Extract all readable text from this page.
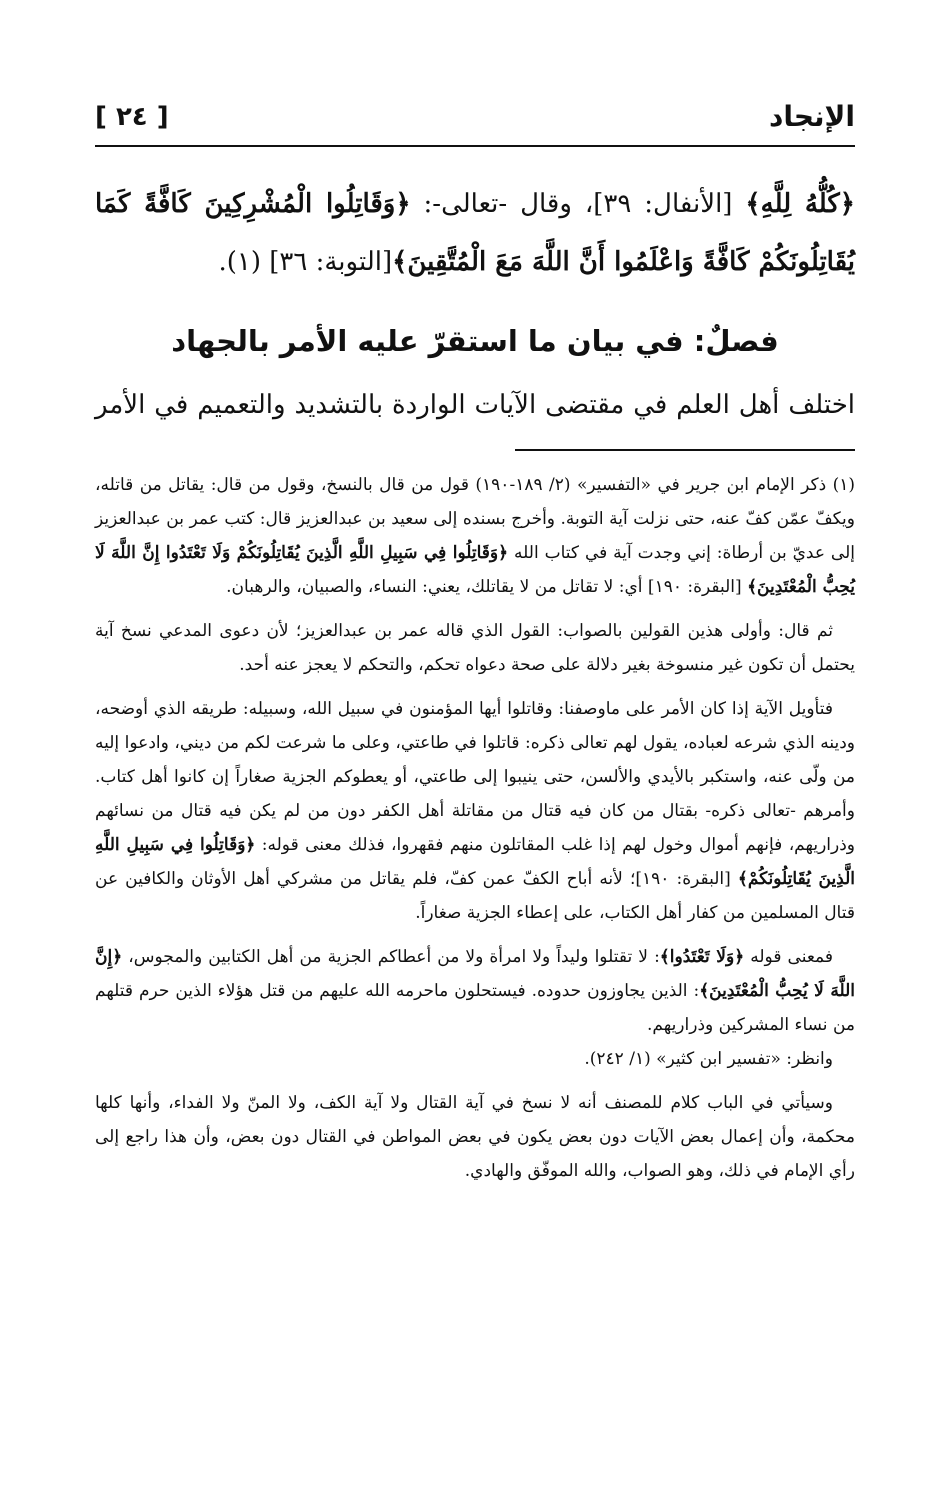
الإنجاد
[ ٢٤ ]

﴿كُلُّهُ لِلَّهِ﴾ [الأنفال: ٣٩]، وقال -تعالى-: ﴿وَقَاتِلُوا الْمُشْرِكِينَ كَافَّةً كَمَا يُقَاتِلُونَكُمْ كَافَّةً وَاعْلَمُوا أَنَّ اللَّهَ مَعَ الْمُتَّقِينَ﴾[التوبة: ٣٦] (١).

فصلٌ: في بيان ما استقرّ عليه الأمر بالجهاد

اختلف أهل العلم في مقتضى الآيات الواردة بالتشديد والتعميم في الأمر

(١) ذكر الإمام ابن جرير في «التفسير» (٢/ ١٨٩-١٩٠) قول من قال بالنسخ، وقول من قال: يقاتل من قاتله، ويكفّ عمّن كفّ عنه، حتى نزلت آية التوبة. وأخرج بسنده إلى سعيد بن عبدالعزيز قال: كتب عمر بن عبدالعزيز إلى عديّ بن أرطاة: إني وجدت آية في كتاب الله ﴿وَقَاتِلُوا فِي سَبِيلِ اللَّهِ الَّذِينَ يُقَاتِلُونَكُمْ وَلَا تَعْتَدُوا إِنَّ اللَّهَ لَا يُحِبُّ الْمُعْتَدِينَ﴾ [البقرة: ١٩٠] أي: لا تقاتل من لا يقاتلك، يعني: النساء، والصبيان، والرهبان.

ثم قال: وأولى هذين القولين بالصواب: القول الذي قاله عمر بن عبدالعزيز؛ لأن دعوى المدعي نسخ آية يحتمل أن تكون غير منسوخة بغير دلالة على صحة دعواه تحكم، والتحكم لا يعجز عنه أحد.

فتأويل الآية إذا كان الأمر على ماوصفنا: وقاتلوا أيها المؤمنون في سبيل الله، وسبيله: طريقه الذي أوضحه، ودينه الذي شرعه لعباده، يقول لهم تعالى ذكره: قاتلوا في طاعتي، وعلى ما شرعت لكم من ديني، وادعوا إليه من ولّى عنه، واستكبر بالأيدي والألسن، حتى ينيبوا إلى طاعتي، أو يعطوكم الجزية صغاراً إن كانوا أهل كتاب. وأمرهم -تعالى ذكره- بقتال من كان فيه قتال من مقاتلة أهل الكفر دون من لم يكن فيه قتال من نسائهم وذراريهم، فإنهم أموال وخول لهم إذا غلب المقاتلون منهم فقهروا، فذلك معنى قوله: ﴿وَقَاتِلُوا فِي سَبِيلِ اللَّهِ الَّذِينَ يُقَاتِلُونَكُمْ﴾ [البقرة: ١٩٠]؛ لأنه أباح الكفّ عمن كفّ، فلم يقاتل من مشركي أهل الأوثان والكافين عن قتال المسلمين من كفار أهل الكتاب، على إعطاء الجزية صغاراً.

فمعنى قوله ﴿وَلَا تَعْتَدُوا﴾: لا تقتلوا وليداً ولا امرأة ولا من أعطاكم الجزية من أهل الكتابين والمجوس، ﴿إِنَّ اللَّهَ لَا يُحِبُّ الْمُعْتَدِينَ﴾: الذين يجاوزون حدوده. فيستحلون ماحرمه الله عليهم من قتل هؤلاء الذين حرم قتلهم من نساء المشركين وذراريهم.

وانظر: «تفسير ابن كثير» (١/ ٢٤٢).

وسيأتي في الباب كلام للمصنف أنه لا نسخ في آية القتال ولا آية الكف، ولا المنّ ولا الفداء، وأنها كلها محكمة، وأن إعمال بعض الآيات دون بعض يكون في بعض المواطن في القتال دون بعض، وأن هذا راجع إلى رأي الإمام في ذلك، وهو الصواب، والله الموفّق والهادي.
